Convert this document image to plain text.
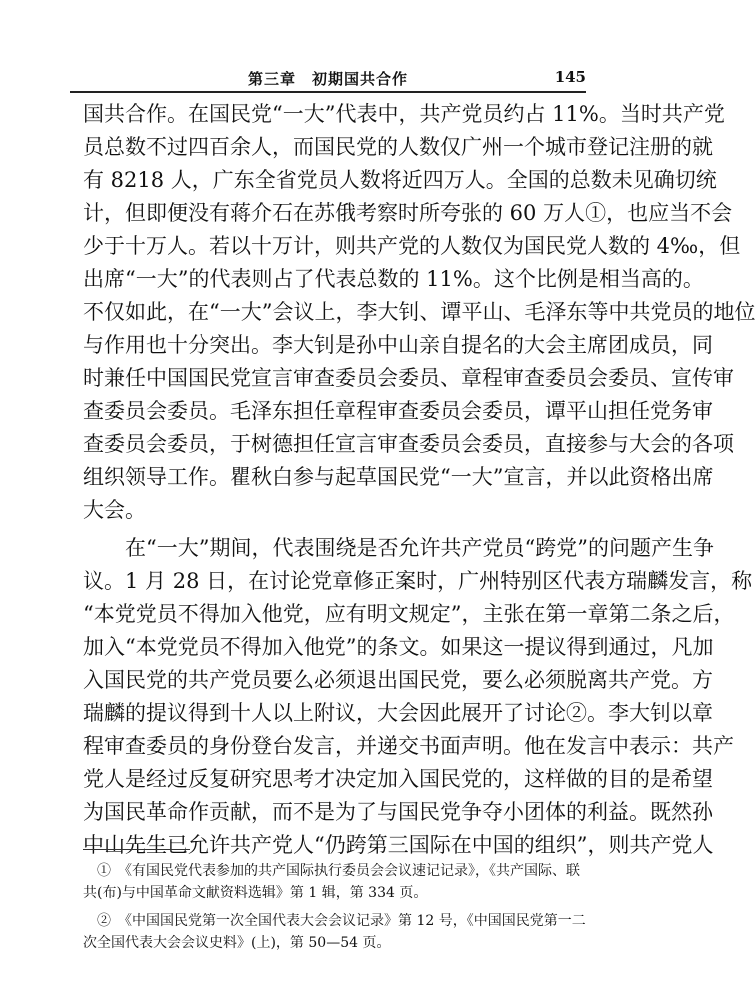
第三章　初期国共合作	145
国共合作。在国民党“一大”代表中，共产党员约占 11%。当时共产党
员总数不过四百余人，而国民党的人数仅广州一个城市登记注册的就
有 8218 人，广东全省党员人数将近四万人。全国的总数未见确切统
计，但即便没有蒋介石在苏俄考察时所夸张的 60 万人①，也应当不会
少于十万人。若以十万计，则共产党的人数仅为国民党人数的 4‰，但
出席“一大”的代表则占了代表总数的 11%。这个比例是相当高的。
不仅如此，在“一大”会议上，李大钊、谭平山、毛泽东等中共党员的地位
与作用也十分突出。李大钊是孙中山亲自提名的大会主席团成员，同
时兼任中国国民党宣言审查委员会委员、章程审查委员会委员、宣传审
查委员会委员。毛泽东担任章程审查委员会委员，谭平山担任党务审
查委员会委员，于树德担任宣言审查委员会委员，直接参与大会的各项
组织领导工作。瞿秋白参与起草国民党“一大”宣言，并以此资格出席
大会。
　　在“一大”期间，代表围绕是否允许共产党员“跨党”的问题产生争
议。1 月 28 日，在讨论党章修正案时，广州特别区代表方瑞麟发言，称
“本党党员不得加入他党，应有明文规定”，主张在第一章第二条之后，
加入“本党党员不得加入他党”的条文。如果这一提议得到通过，凡加
入国民党的共产党员要么必须退出国民党，要么必须脱离共产党。方
瑞麟的提议得到十人以上附议，大会因此展开了讨论②。李大钊以章
程审查委员的身份登台发言，并递交书面声明。他在发言中表示：共产
党人是经过反复研究思考才决定加入国民党的，这样做的目的是希望
为国民革命作贡献，而不是为了与国民党争夺小团体的利益。既然孙
中山先生已允许共产党人“仍跨第三国际在中国的组织”，则共产党人
　①　《有国民党代表参加的共产国际执行委员会会议速记记录》，《共产国际、联
共(布)与中国革命文献资料选辑》第 1 辑，第 334 页。
　②　《中国国民党第一次全国代表大会会议记录》第 12 号，《中国国民党第一二
次全国代表大会会议史料》(上)，第 50—54 页。
